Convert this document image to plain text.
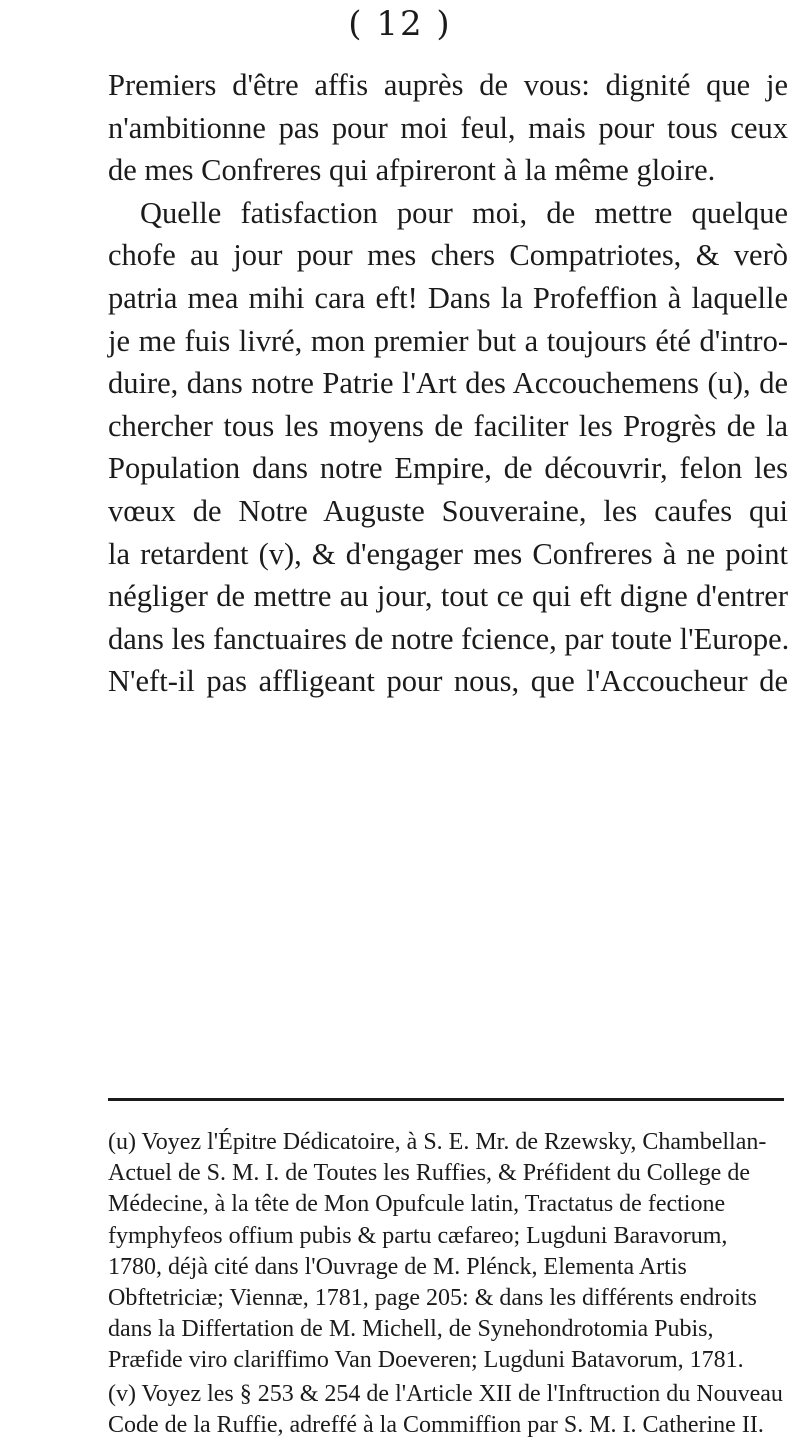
( 12 )
Premiers d'être affis auprès de vous: dignité que je
n'ambitionne pas pour moi feul, mais pour tous ceux
de mes Confreres qui afpireront à la même gloire.
Quelle fatisfaction pour moi, de mettre quelque
chofe au jour pour mes chers Compatriotes, & verò
patria mea mihi cara eft! Dans la Profeffion à laquelle
je me fuis livré, mon premier but a toujours été d'intro-
duire, dans notre Patrie l'Art des Accouchemens (u), de
chercher tous les moyens de faciliter les Progrès de la
Population dans notre Empire, de découvrir, felon les
vœux de Notre Auguste Souveraine, les caufes qui
la retardent (v), & d'engager mes Confreres à ne point
négliger de mettre au jour, tout ce qui eft digne d'entrer
dans les fanctuaires de notre fcience, par toute l'Europe.
N'eft-il pas affligeant pour nous, que l'Accoucheur de

(u) Voyez l'Épitre Dédicatoire, à S. E. Mr. de Rzewsky, Chambellan-Actuel de S. M. I. de Toutes les Ruffies, & Préfident du College de Médecine, à la tête de Mon Opufcule latin, Tractatus de fectione fymphyfeos offium pubis & partu cæfareo; Lugduni Baravorum, 1780, déjà cité dans l'Ouvrage de M. Plénck, Elementa Artis Obftetriciæ; Viennæ, 1781, page 205: & dans les différents endroits dans la Differtation de M. Michell, de Synehondrotomia Pubis, Præfide viro clariffimo Van Doeveren; Lugduni Batavorum, 1781.

(v) Voyez les § 253 & 254 de l'Article XII de l'Inftruction du Nouveau Code de la Ruffie, adreffé à la Commiffion par S. M. I. Catherine II.
